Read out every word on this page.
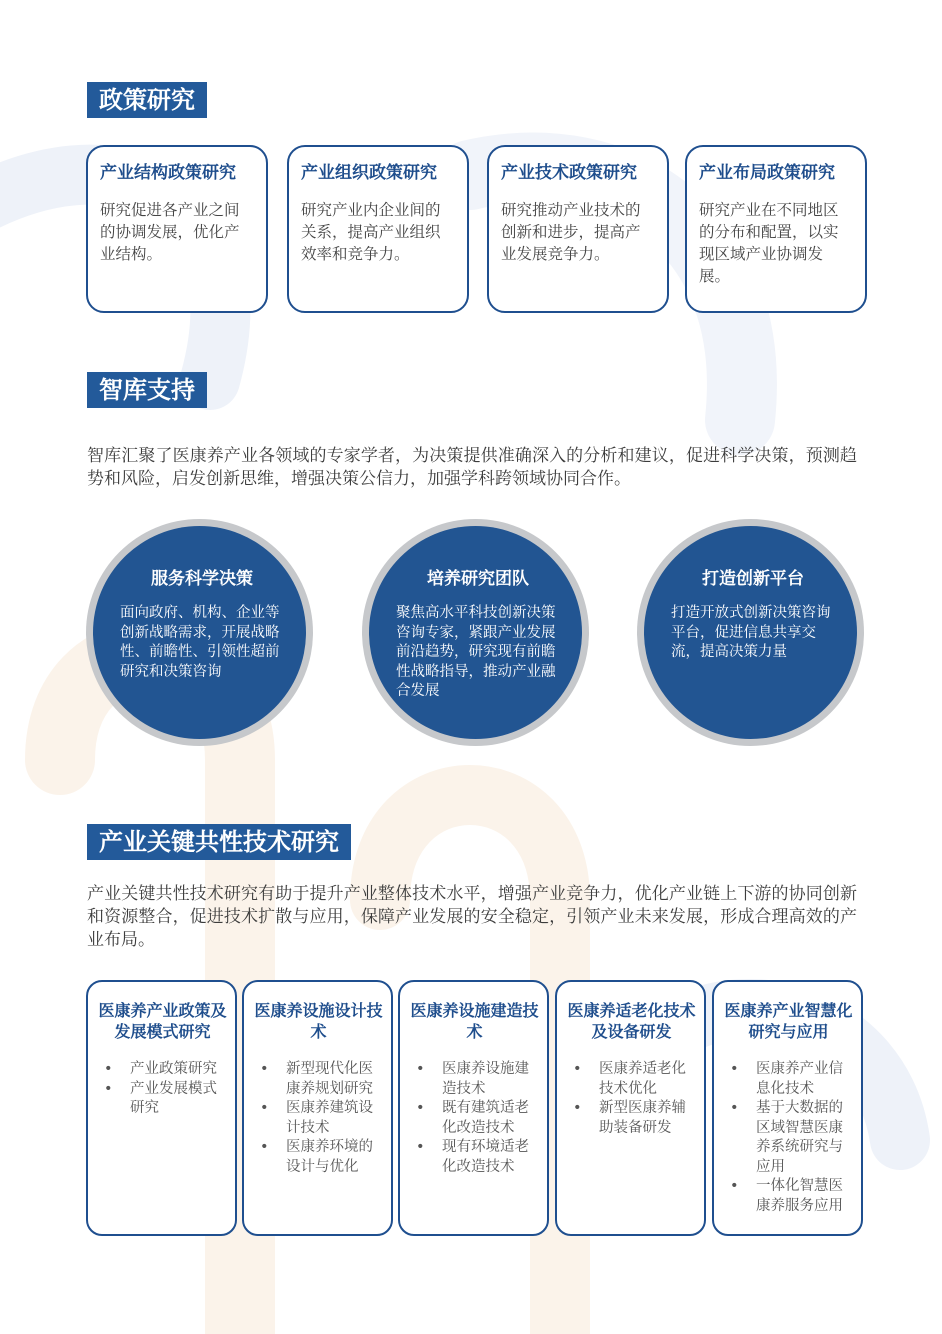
政策研究

产业结构政策研究

研究促进各产业之间的协调发展，优化产业结构。

产业组织政策研究

研究产业内企业间的关系，提高产业组织效率和竞争力。

产业技术政策研究

研究推动产业技术的创新和进步，提高产业发展竞争力。

产业布局政策研究

研究产业在不同地区的分布和配置，以实现区域产业协调发展。

智库支持

智库汇聚了医康养产业各领域的专家学者，为决策提供准确深入的分析和建议，促进科学决策，预测趋势和风险，启发创新思维，增强决策公信力，加强学科跨领域协同合作。

服务科学决策

面向政府、机构、企业等创新战略需求，开展战略性、前瞻性、引领性超前研究和决策咨询

培养研究团队

聚焦高水平科技创新决策咨询专家，紧跟产业发展前沿趋势，研究现有前瞻性战略指导，推动产业融合发展

打造创新平台

打造开放式创新决策咨询平台，促进信息共享交流，提高决策力量

产业关键共性技术研究

产业关键共性技术研究有助于提升产业整体技术水平，增强产业竞争力，优化产业链上下游的协同创新和资源整合，促进技术扩散与应用，保障产业发展的安全稳定，引领产业未来发展，形成合理高效的产业布局。

医康养产业政策及发展模式研究

• 产业政策研究
• 产业发展模式研究

医康养设施设计技术

• 新型现代化医康养规划研究
• 医康养建筑设计技术
• 医康养环境的设计与优化

医康养设施建造技术

• 医康养设施建造技术
• 既有建筑适老化改造技术
• 现有环境适老化改造技术

医康养适老化技术及设备研发

• 医康养适老化技术优化
• 新型医康养辅助装备研发

医康养产业智慧化研究与应用

• 医康养产业信息化技术
• 基于大数据的区域智慧医康养系统研究与应用
• 一体化智慧医康养服务应用
